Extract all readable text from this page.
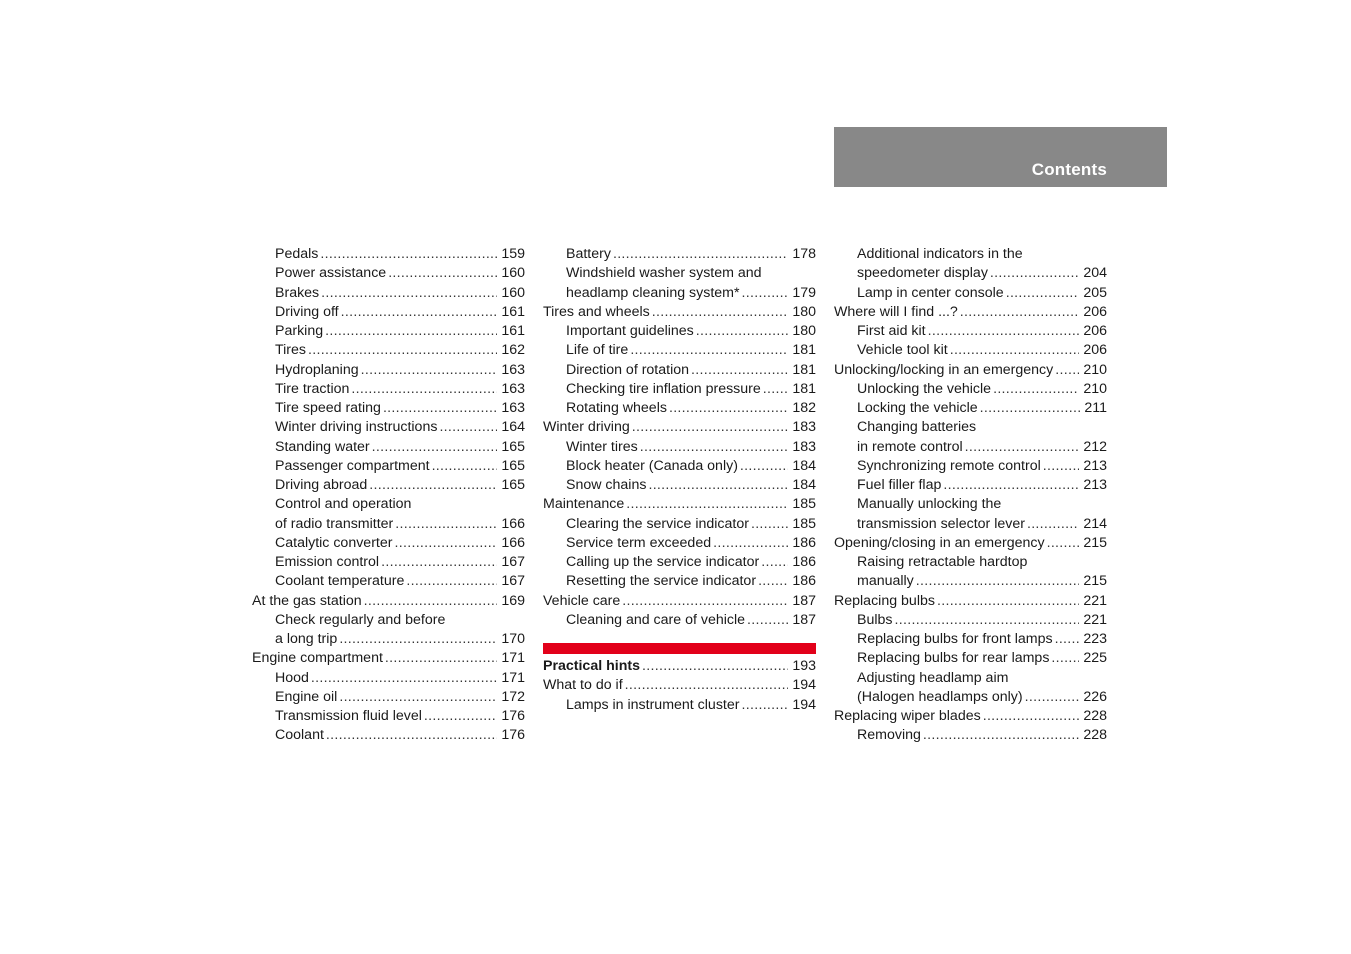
Contents
Pedals .....	159
Power assistance .....	160
Brakes .....	160
Driving off .....	161
Parking .....	161
Tires .....	162
Hydroplaning .....	163
Tire traction .....	163
Tire speed rating .....	163
Winter driving instructions .....	164
Standing water .....	165
Passenger compartment .....	165
Driving abroad .....	165
Control and operation
of radio transmitter .....	166
Catalytic converter .....	166
Emission control .....	167
Coolant temperature .....	167
At the gas station .....	169
Check regularly and before
a long trip .....	170
Engine compartment .....	171
Hood .....	171
Engine oil .....	172
Transmission fluid level .....	176
Coolant .....	176
Battery .....	178
Windshield washer system and
headlamp cleaning system* .....	179
Tires and wheels .....	180
Important guidelines .....	180
Life of tire .....	181
Direction of rotation .....	181
Checking tire inflation pressure ..... 181
Rotating wheels .....	182
Winter driving .....	183
Winter tires .....	183
Block heater (Canada only) .....	184
Snow chains .....	184
Maintenance .....	185
Clearing the service indicator .....	185
Service term exceeded .....	186
Calling up the service indicator ..... 186
Resetting the service indicator .....	186
Vehicle care .....	187
Cleaning and care of vehicle .....	187
Practical hints .....	193
What to do if .....	194
Lamps in instrument cluster .....	194
Additional indicators in the
speedometer display .....	204
Lamp in center console .....	205
Where will I find ...? .....	206
First aid kit .....	206
Vehicle tool kit .....	206
Unlocking/locking in an emergency ..... 210
Unlocking the vehicle .....	210
Locking the vehicle .....	211
Changing batteries
in remote control .....	212
Synchronizing remote control .....	213
Fuel filler flap .....	213
Manually unlocking the
transmission selector lever .....	214
Opening/closing in an emergency .....	215
Raising retractable hardtop
manually .....	215
Replacing bulbs .....	221
Bulbs .....	221
Replacing bulbs for front lamps ..... 223
Replacing bulbs for rear lamps ..... 225
Adjusting headlamp aim
(Halogen headlamps only) .....	226
Replacing wiper blades .....	228
Removing .....	228
